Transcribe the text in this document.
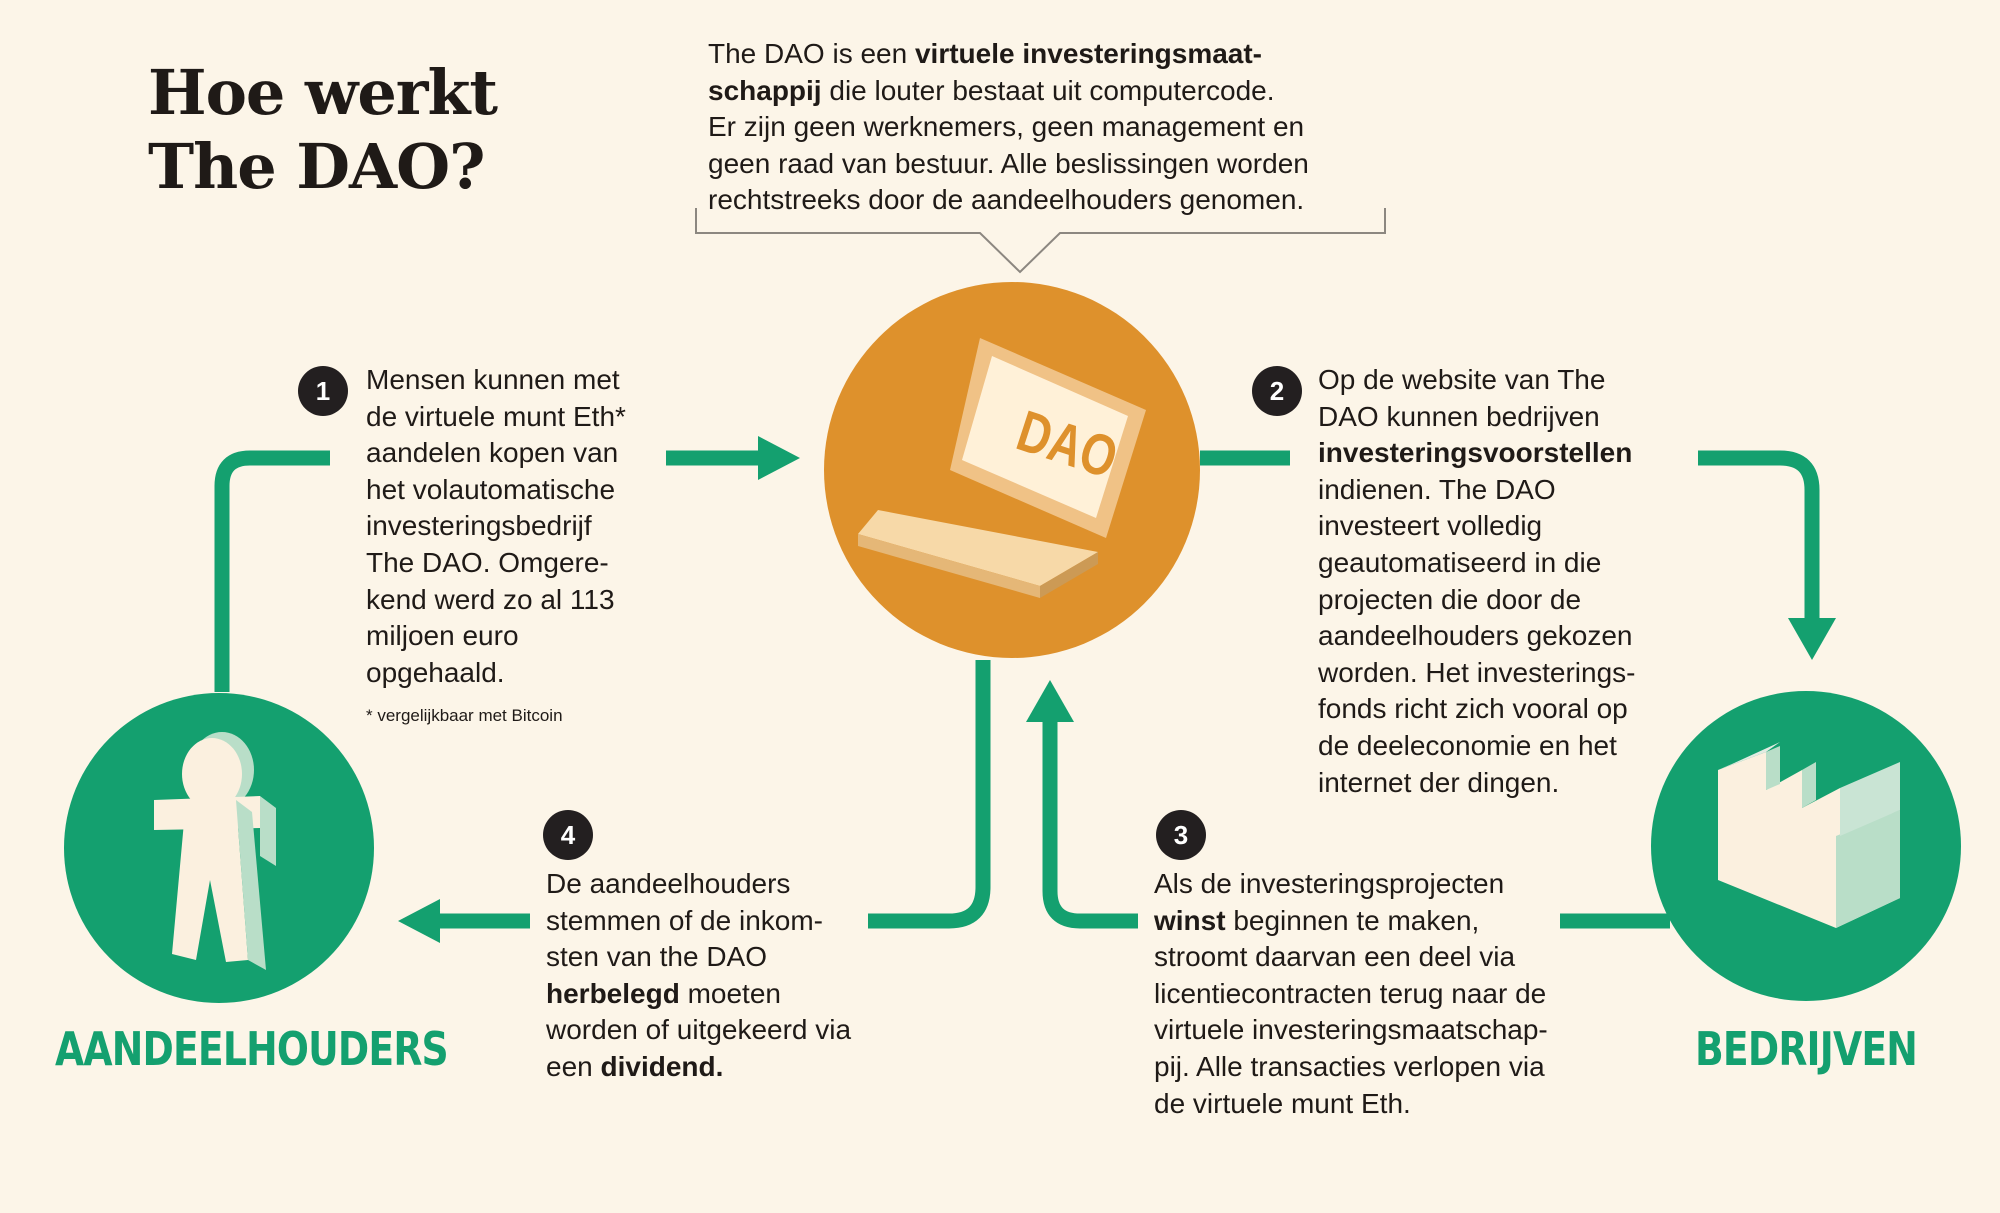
DAO
Hoe werkt
The DAO?

The DAO is een virtuele investeringsmaat-
schappij die louter bestaat uit computercode.
Er zijn geen werknemers, geen management en
geen raad van bestuur. Alle beslissingen worden
rechtstreeks door de aandeelhouders genomen.

1	Mensen kunnen met
de virtuele munt Eth*
aandelen kopen van
het volautomatische
investeringsbedrijf
The DAO. Omgere-
kend werd zo al 113
miljoen euro
opgehaald.

* vergelijkbaar met Bitcoin

2	Op de website van The
DAO kunnen bedrijven
investeringsvoorstellen
indienen. The DAO
investeert volledig
geautomatiseerd in die
projecten die door de
aandeelhouders gekozen
worden. Het investerings-
fonds richt zich vooral op
de deeleconomie en het
internet der dingen.

3

Als de investeringsprojecten
winst beginnen te maken,
stroomt daarvan een deel via
licentiecontracten terug naar de
virtuele investeringsmaatschap-
pij. Alle transacties verlopen via
de virtuele munt Eth.

4

De aandeelhouders
stemmen of de inkom-
sten van the DAO
herbelegd moeten
worden of uitgekeerd via
een dividend.

AANDEELHOUDERS	BEDRIJVEN
